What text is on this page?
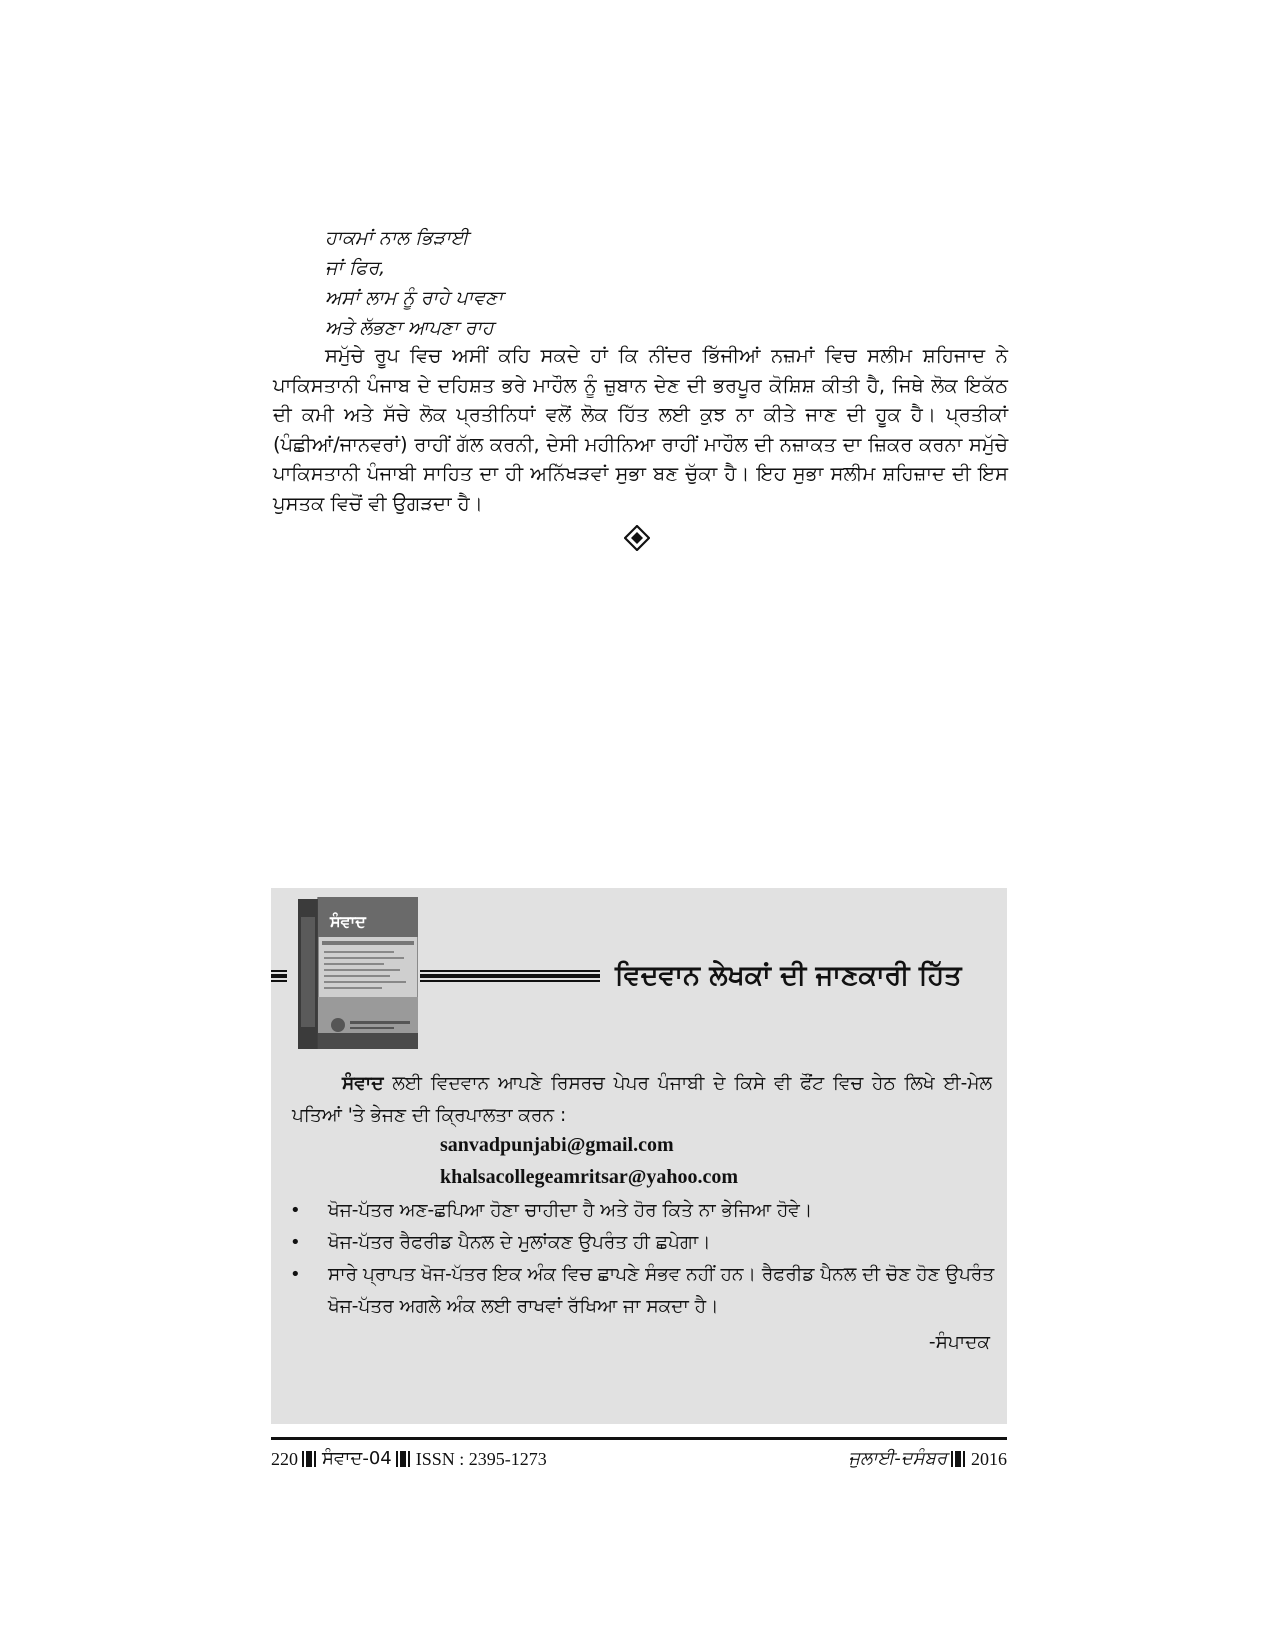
ਹਾਕਮਾਂ ਨਾਲ ਭਿੜਾਈ
ਜਾਂ ਫਿਰ,
ਅਸਾਂ ਲਾਮ ਨੂੰ ਰਾਹੇ ਪਾਵਣਾ
ਅਤੇ ਲੱਭਣਾ ਆਪਣਾ ਰਾਹ
ਸਮੁੱਚੇ ਰੂਪ ਵਿਚ ਅਸੀਂ ਕਹਿ ਸਕਦੇ ਹਾਂ ਕਿ ਨੀਂਦਰ ਭਿੱਜੀਆਂ ਨਜ਼ਮਾਂ ਵਿਚ ਸਲੀਮ ਸ਼ਹਿਜਾਦ ਨੇ ਪਾਕਿਸਤਾਨੀ ਪੰਜਾਬ ਦੇ ਦਹਿਸ਼ਤ ਭਰੇ ਮਾਹੌਲ ਨੂੰ ਜ਼ੁਬਾਨ ਦੇਣ ਦੀ ਭਰਪੂਰ ਕੋਸ਼ਿਸ਼ ਕੀਤੀ ਹੈ, ਜਿਥੇ ਲੋਕ ਇਕੱਠ ਦੀ ਕਮੀ ਅਤੇ ਸੱਚੇ ਲੋਕ ਪ੍ਰਤੀਨਿਧਾਂ ਵਲੋਂ ਲੋਕ ਹਿੱਤ ਲਈ ਕੁਝ ਨਾ ਕੀਤੇ ਜਾਣ ਦੀ ਹੂਕ ਹੈ। ਪ੍ਰਤੀਕਾਂ (ਪੰਛੀਆਂ/ਜਾਨਵਰਾਂ) ਰਾਹੀਂ ਗੱਲ ਕਰਨੀ, ਦੇਸੀ ਮਹੀਨਿਆ ਰਾਹੀਂ ਮਾਹੌਲ ਦੀ ਨਜ਼ਾਕਤ ਦਾ ਜ਼ਿਕਰ ਕਰਨਾ ਸਮੁੱਚੇ ਪਾਕਿਸਤਾਨੀ ਪੰਜਾਬੀ ਸਾਹਿਤ ਦਾ ਹੀ ਅਨਿੱਖੜਵਾਂ ਸੁਭਾ ਬਣ ਚੁੱਕਾ ਹੈ। ਇਹ ਸੁਭਾ ਸਲੀਮ ਸ਼ਹਿਜ਼ਾਦ ਦੀ ਇਸ ਪੁਸਤਕ ਵਿਚੋਂ ਵੀ ਉਗੜਦਾ ਹੈ।
ਸੰਵਾਦ
ਵਿਦਵਾਨ ਲੇਖਕਾਂ ਦੀ ਜਾਣਕਾਰੀ ਹਿੱਤ
ਸੰਵਾਦ ਲਈ ਵਿਦਵਾਨ ਆਪਣੇ ਰਿਸਰਚ ਪੇਪਰ ਪੰਜਾਬੀ ਦੇ ਕਿਸੇ ਵੀ ਫੌਂਟ ਵਿਚ ਹੇਠ ਲਿਖੇ ਈ-ਮੇਲ ਪਤਿਆਂ 'ਤੇ ਭੇਜਣ ਦੀ ਕ੍ਰਿਪਾਲਤਾ ਕਰਨ :
sanvadpunjabi@gmail.com
khalsacollegeamritsar@yahoo.com
• ਖੋਜ-ਪੱਤਰ ਅਣ-ਛਪਿਆ ਹੋਣਾ ਚਾਹੀਦਾ ਹੈ ਅਤੇ ਹੋਰ ਕਿਤੇ ਨਾ ਭੇਜਿਆ ਹੋਵੇ।
• ਖੋਜ-ਪੱਤਰ ਰੈਫਰੀਡ ਪੈਨਲ ਦੇ ਮੁਲਾਂਕਣ ਉਪਰੰਤ ਹੀ ਛਪੇਗਾ।
• ਸਾਰੇ ਪ੍ਰਾਪਤ ਖੋਜ-ਪੱਤਰ ਇਕ ਅੰਕ ਵਿਚ ਛਾਪਣੇ ਸੰਭਵ ਨਹੀਂ ਹਨ। ਰੈਫਰੀਡ ਪੈਨਲ ਦੀ ਚੋਣ ਹੋਣ ਉਪਰੰਤ ਖੋਜ-ਪੱਤਰ ਅਗਲੇ ਅੰਕ ਲਈ ਰਾਖਵਾਂ ਰੱਖਿਆ ਜਾ ਸਕਦਾ ਹੈ।
-ਸੰਪਾਦਕ
220 ਸੰਵਾਦ-04 ISSN : 2395-1273	ਜੁਲਾਈ-ਦਸੰਬਰ 2016
